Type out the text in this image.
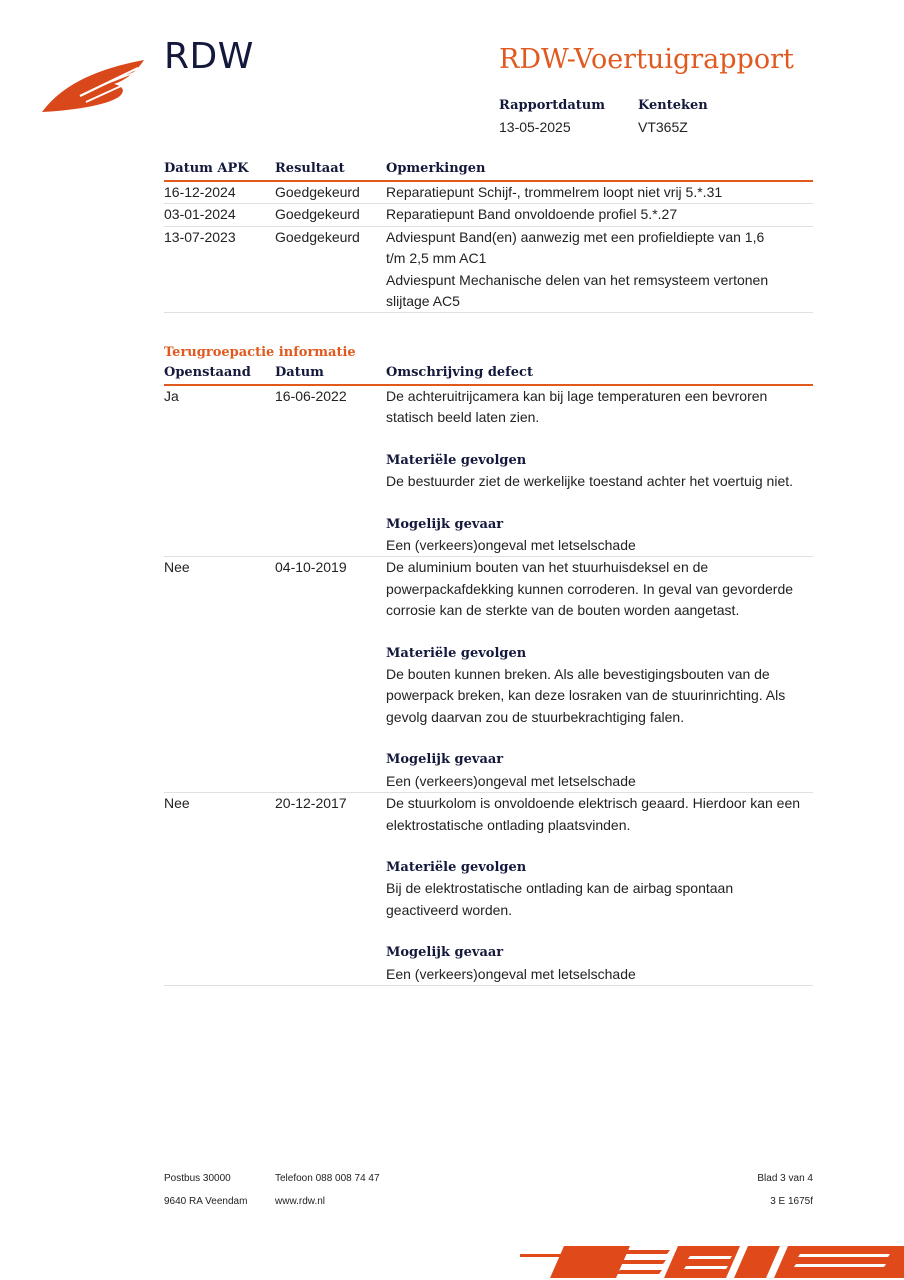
RDW	RDW-Voertuigrapport
Rapportdatum
13-05-2025
Kenteken
VT365Z
Datum APK Resultaat	Opmerkingen
16-12-2024	Goedgekeurd Reparatiepunt Schijf-, trommelrem loopt niet vrij 5.*.31

03-01-2024	Goedgekeurd Reparatiepunt Band onvoldoende profiel 5.*.27

13-07-2023	Goedgekeurd Adviespunt Band(en) aanwezig met een profieldiepte van 1,6 t/m 2,5 mm AC1

Adviespunt Mechanische delen van het remsysteem vertonen slijtage AC5

Terugroepactie informatie
Openstaand Datum	Omschrijving defect
Ja	16-06-2022	De achteruitrijcamera kan bij lage temperaturen een bevroren statisch beeld laten zien.

Materiële gevolgen

De bestuurder ziet de werkelijke toestand achter het voertuig niet.

Mogelijk gevaar

Een (verkeers)ongeval met letselschade

Nee	04-10-2019	De aluminium bouten van het stuurhuisdeksel en de powerpackafdekking kunnen corroderen. In geval van gevorderde corrosie kan de sterkte van de bouten worden aangetast.

Materiële gevolgen

De bouten kunnen breken. Als alle bevestigingsbouten van de powerpack breken, kan deze losraken van de stuurinrichting. Als gevolg daarvan zou de stuurbekrachtiging falen.

Mogelijk gevaar

Een (verkeers)ongeval met letselschade

Nee	20-12-2017	De stuurkolom is onvoldoende elektrisch geaard. Hierdoor kan een elektrostatische ontlading plaatsvinden.

Materiële gevolgen

Bij de elektrostatische ontlading kan de airbag spontaan geactiveerd worden.

Mogelijk gevaar

Een (verkeers)ongeval met letselschade

Postbus 30000
9640 RA Veendam
Telefoon 088 008 74 47
www.rdw.nl
Blad 3 van 4
3 E 1675f
